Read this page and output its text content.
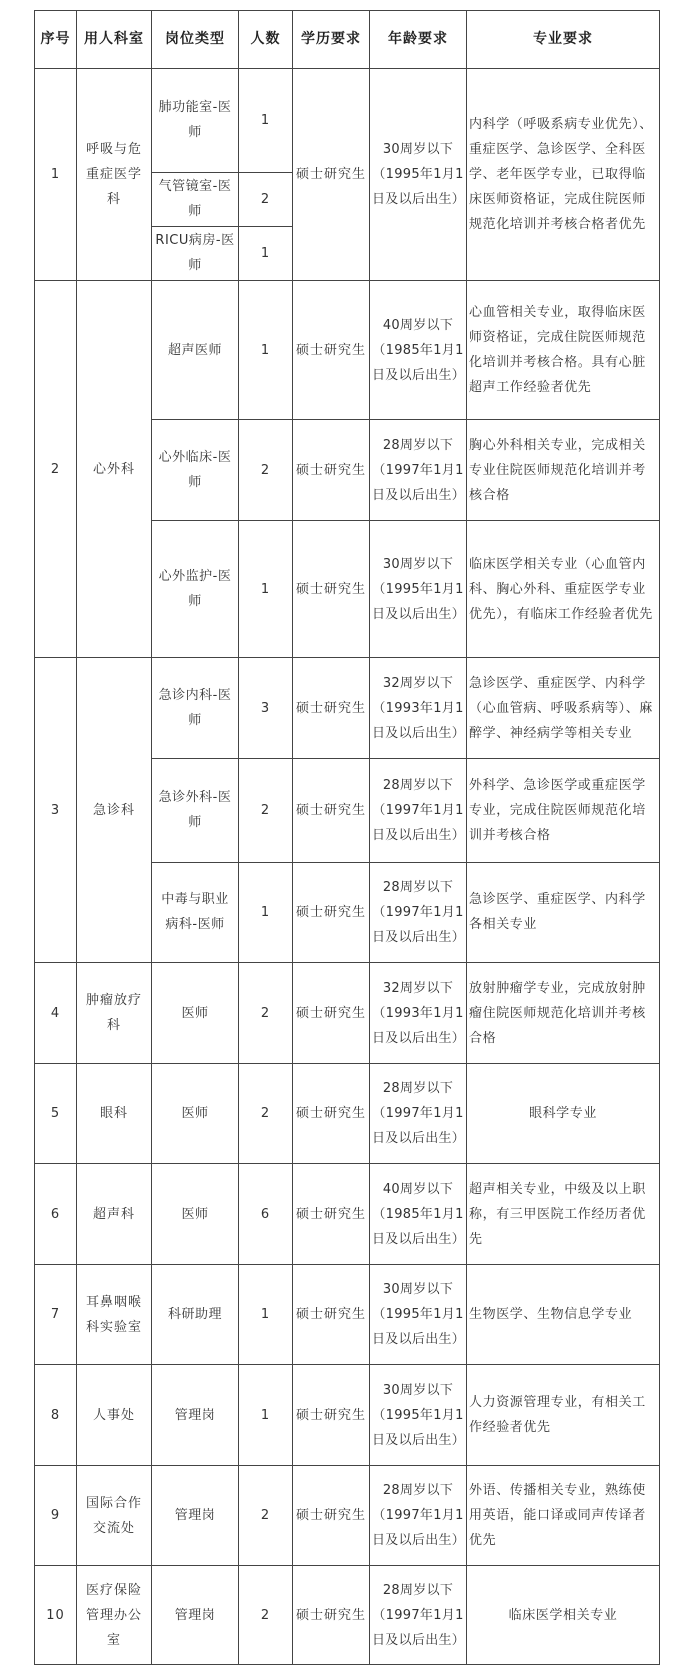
序号	用人科室	岗位类型	人数	学历要求	年龄要求	专业要求
1	呼吸与危重症医学科	肺功能室-医师	1	硕士研究生	30周岁以下（1995年1月1日及以后出生）	内科学（呼吸系病专业优先）、重症医学、急诊医学、全科医学、老年医学专业，已取得临床医师资格证，完成住院医师规范化培训并考核合格者优先
		气管镜室-医师	2			
		RICU病房-医师	1			
2	心外科	超声医师	1	硕士研究生	40周岁以下（1985年1月1日及以后出生）	心血管相关专业，取得临床医师资格证，完成住院医师规范化培训并考核合格。具有心脏超声工作经验者优先
		心外临床-医师	2	硕士研究生	28周岁以下（1997年1月1日及以后出生）	胸心外科相关专业，完成相关专业住院医师规范化培训并考核合格
		心外监护-医师	1	硕士研究生	30周岁以下（1995年1月1日及以后出生）	临床医学相关专业（心血管内科、胸心外科、重症医学专业优先），有临床工作经验者优先
3	急诊科	急诊内科-医师	3	硕士研究生	32周岁以下（1993年1月1日及以后出生）	急诊医学、重症医学、内科学（心血管病、呼吸系病等）、麻醉学、神经病学等相关专业
		急诊外科-医师	2	硕士研究生	28周岁以下（1997年1月1日及以后出生）	外科学、急诊医学或重症医学专业，完成住院医师规范化培训并考核合格
		中毒与职业病科-医师	1	硕士研究生	28周岁以下（1997年1月1日及以后出生）	急诊医学、重症医学、内科学各相关专业
4	肿瘤放疗科	医师	2	硕士研究生	32周岁以下（1993年1月1日及以后出生）	放射肿瘤学专业，完成放射肿瘤住院医师规范化培训并考核合格
5	眼科	医师	2	硕士研究生	28周岁以下（1997年1月1日及以后出生）	眼科学专业
6	超声科	医师	6	硕士研究生	40周岁以下（1985年1月1日及以后出生）	超声相关专业，中级及以上职称，有三甲医院工作经历者优先
7	耳鼻咽喉科实验室	科研助理	1	硕士研究生	30周岁以下（1995年1月1日及以后出生）	生物医学、生物信息学专业
8	人事处	管理岗	1	硕士研究生	30周岁以下（1995年1月1日及以后出生）	人力资源管理专业，有相关工作经验者优先
9	国际合作交流处	管理岗	2	硕士研究生	28周岁以下（1997年1月1日及以后出生）	外语、传播相关专业，熟练使用英语，能口译或同声传译者优先
10	医疗保险管理办公室	管理岗	2	硕士研究生	28周岁以下（1997年1月1日及以后出生）	临床医学相关专业
